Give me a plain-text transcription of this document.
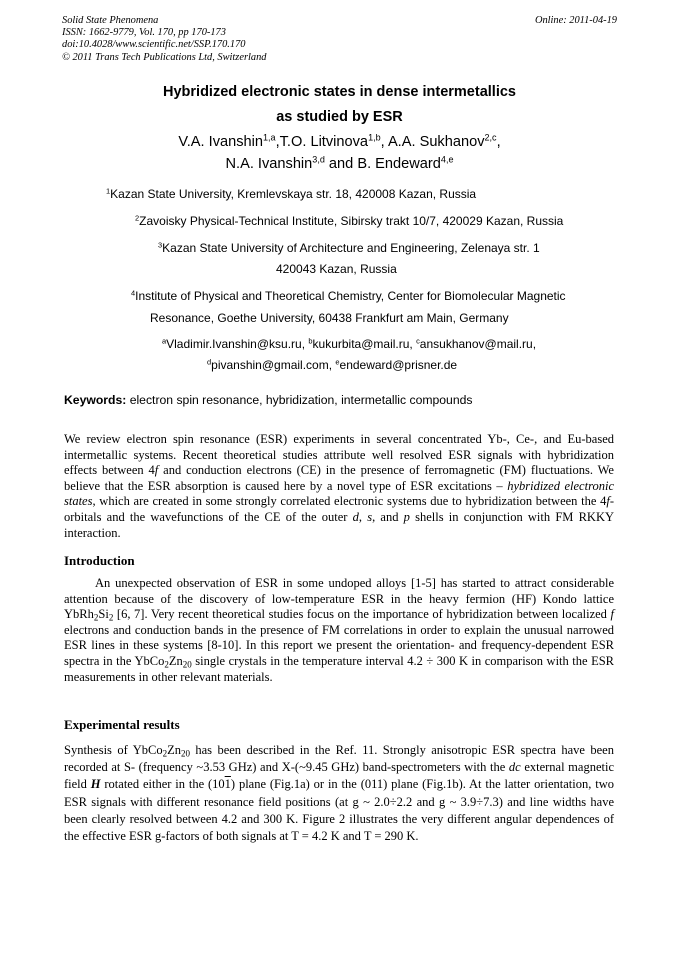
Solid State Phenomena
ISSN: 1662-9779, Vol. 170, pp 170-173
doi:10.4028/www.scientific.net/SSP.170.170
© 2011 Trans Tech Publications Ltd, Switzerland
Online: 2011-04-19
Hybridized electronic states in dense intermetallics
as studied by ESR
V.A. Ivanshin$^{1,a}$,T.O. Litvinova$^{1,b}$, A.A. Sukhanov$^{2,c}$,
N.A. Ivanshin$^{3,d}$ and B. Endeward$^{4,e}$
$^1$Kazan State University, Kremlevskaya str. 18, 420008 Kazan, Russia
$^2$Zavoisky Physical-Technical Institute, Sibirsky trakt 10/7, 420029 Kazan, Russia
$^3$Kazan State University of Architecture and Engineering, Zelenaya str. 1
420043 Kazan, Russia
$^4$Institute of Physical and Theoretical Chemistry, Center for Biomolecular Magnetic
Resonance, Goethe University, 60438 Frankfurt am Main, Germany
$^a$Vladimir.Ivanshin@ksu.ru, $^b$kukurbita@mail.ru, $^c$ansukhanov@mail.ru,
$^d$pivanshin@gmail.com, $^e$endeward@prisner.de
Keywords: electron spin resonance, hybridization, intermetallic compounds
We review electron spin resonance (ESR) experiments in several concentrated Yb-, Ce-, and Eu-based intermetallic systems. Recent theoretical studies attribute well resolved ESR signals with hybridization effects between 4f and conduction electrons (CE) in the presence of ferromagnetic (FM) fluctuations. We believe that the ESR absorption is caused here by a novel type of ESR excitations – hybridized electronic states, which are created in some strongly correlated electronic systems due to hybridization between the 4f-orbitals and the wavefunctions of the CE of the outer d, s, and p shells in conjunction with FM RKKY interaction.
Introduction
An unexpected observation of ESR in some undoped alloys [1-5] has started to attract considerable attention because of the discovery of low-temperature ESR in the heavy fermion (HF) Kondo lattice $YbRh_2Si_2$ [6, 7]. Very recent theoretical studies focus on the importance of hybridization between localized f electrons and conduction bands in the presence of FM correlations in order to explain the unusual narrowed ESR lines in these systems [8-10]. In this report we present the orientation- and frequency-dependent ESR spectra in the $YbCo_2Zn_{20}$ single crystals in the temperature interval 4.2 ÷ 300 K in comparison with the ESR measurements in other relevant materials.
Experimental results
Synthesis of $YbCo_2Zn_{20}$ has been described in the Ref. 11. Strongly anisotropic ESR spectra have been recorded at S- (frequency ~3.53 GHz) and X-(~9.45 GHz) band-spectrometers with the dc external magnetic field H rotated either in the (101) plane (Fig.1a) or in the (011) plane (Fig.1b). At the latter orientation, two ESR signals with different resonance field positions (at g ~ 2.0÷2.2 and g ~ 3.9÷7.3) and line widths have been clearly resolved between 4.2 and 300 K. Figure 2 illustrates the very different angular dependences of the effective ESR g-factors of both signals at T = 4.2 K and T = 290 K.
